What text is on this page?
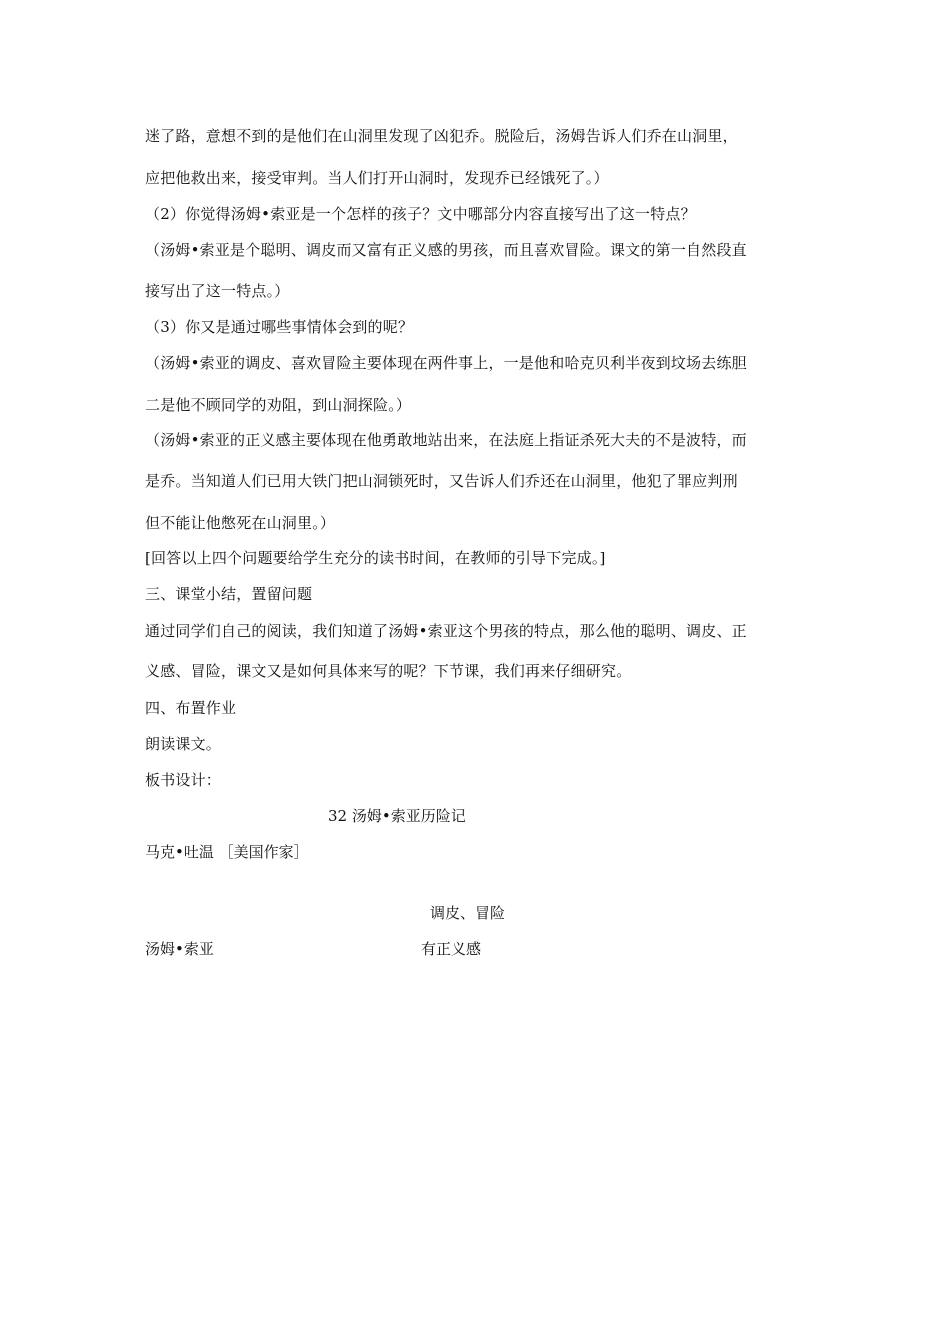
迷了路，意想不到的是他们在山洞里发现了凶犯乔。脱险后，汤姆告诉人们乔在山洞里，
应把他救出来，接受审判。当人们打开山洞时，发现乔已经饿死了。）
（2）你觉得汤姆•索亚是一个怎样的孩子？文中哪部分内容直接写出了这一特点？
（汤姆•索亚是个聪明、调皮而又富有正义感的男孩，而且喜欢冒险。课文的第一自然段直
接写出了这一特点。）
（3）你又是通过哪些事情体会到的呢？
（汤姆•索亚的调皮、喜欢冒险主要体现在两件事上，一是他和哈克贝利半夜到坟场去练胆
二是他不顾同学的劝阻，到山洞探险。）
（汤姆•索亚的正义感主要体现在他勇敢地站出来，在法庭上指证杀死大夫的不是波特，而
是乔。当知道人们已用大铁门把山洞锁死时，又告诉人们乔还在山洞里，他犯了罪应判刑
但不能让他憋死在山洞里。）
[回答以上四个问题要给学生充分的读书时间，在教师的引导下完成。]
三、课堂小结，置留问题
通过同学们自己的阅读，我们知道了汤姆•索亚这个男孩的特点，那么他的聪明、调皮、正
义感、冒险，课文又是如何具体来写的呢？下节课，我们再来仔细研究。
四、布置作业
朗读课文。
板书设计：
32 汤姆•索亚历险记
马克•吐温 ［美国作家］
调皮、冒险
汤姆•索亚	有正义感
